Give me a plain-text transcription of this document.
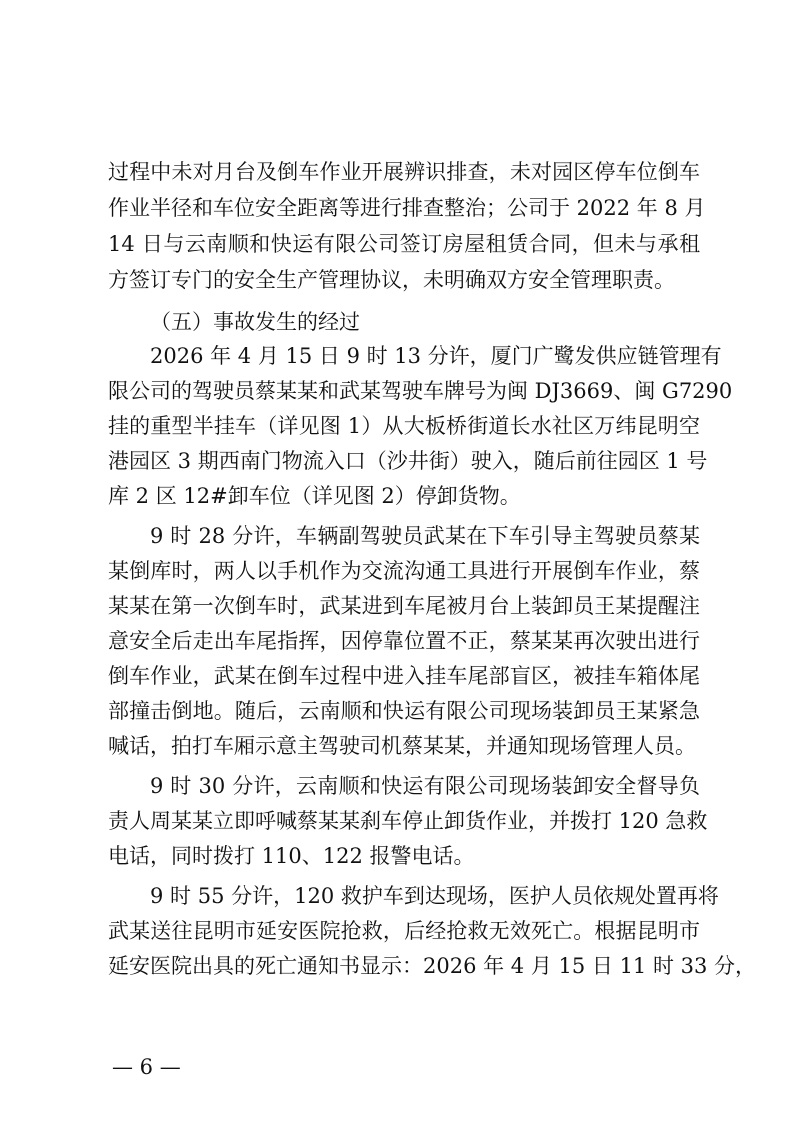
过程中未对月台及倒车作业开展辨识排查，未对园区停车位倒车
作业半径和车位安全距离等进行排查整治；公司于 2022 年 8 月
14 日与云南顺和快运有限公司签订房屋租赁合同，但未与承租
方签订专门的安全生产管理协议，未明确双方安全管理职责。
（五）事故发生的经过
2026 年 4 月 15 日 9 时 13 分许，厦门广鹭发供应链管理有
限公司的驾驶员蔡某某和武某驾驶车牌号为闽 DJ3669、闽 G7290
挂的重型半挂车（详见图 1）从大板桥街道长水社区万纬昆明空
港园区 3 期西南门物流入口（沙井街）驶入，随后前往园区 1 号
库 2 区 12#卸车位（详见图 2）停卸货物。
9 时 28 分许，车辆副驾驶员武某在下车引导主驾驶员蔡某
某倒库时，两人以手机作为交流沟通工具进行开展倒车作业，蔡
某某在第一次倒车时，武某进到车尾被月台上装卸员王某提醒注
意安全后走出车尾指挥，因停靠位置不正，蔡某某再次驶出进行
倒车作业，武某在倒车过程中进入挂车尾部盲区，被挂车箱体尾
部撞击倒地。随后，云南顺和快运有限公司现场装卸员王某紧急
喊话，拍打车厢示意主驾驶司机蔡某某，并通知现场管理人员。
9 时 30 分许，云南顺和快运有限公司现场装卸安全督导负
责人周某某立即呼喊蔡某某刹车停止卸货作业，并拨打 120 急救
电话，同时拨打 110、122 报警电话。
9 时 55 分许，120 救护车到达现场，医护人员依规处置再将
武某送往昆明市延安医院抢救，后经抢救无效死亡。根据昆明市
延安医院出具的死亡通知书显示：2026 年 4 月 15 日 11 时 33 分，
— 6 —
